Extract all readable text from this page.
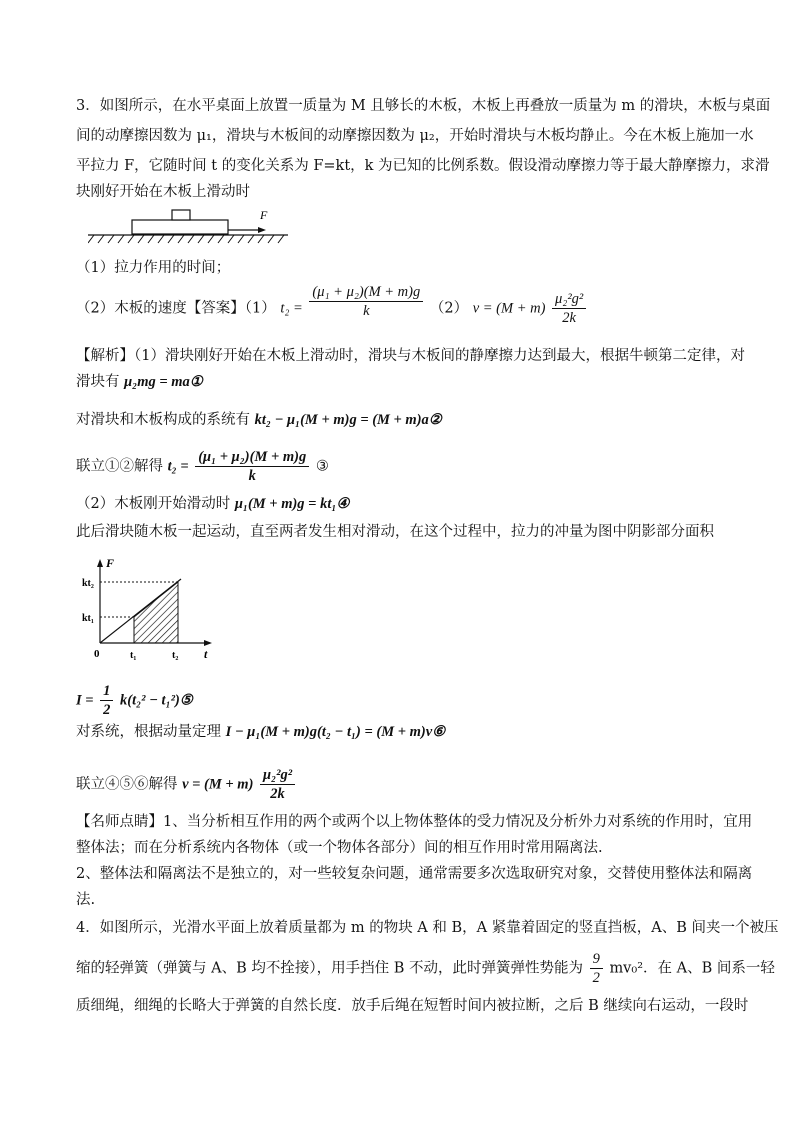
3．如图所示，在水平桌面上放置一质量为 M 且够长的木板，木板上再叠放一质量为 m 的滑块，木板与桌面
间的动摩擦因数为 μ₁，滑块与木板间的动摩擦因数为 μ₂，开始时滑块与木板均静止。今在木板上施加一水
平拉力 F，它随时间 t 的变化关系为 F=kt，k 为已知的比例系数。假设滑动摩擦力等于最大静摩擦力，求滑
块刚好开始在木板上滑动时
F
（1）拉力作用的时间；
（2）木板的速度【答案】（1） $t_2 = \frac{\text{(μ₁ + μ₂)(M + m)g}}{k} (2) v = (M + m) \frac{\text{μ₂²g²}}{2k}$
【解析】（1）滑块刚好开始在木板上滑动时，滑块与木板间的静摩擦力达到最大，根据牛顿第二定律，对
滑块有 μ₂mg = ma①
对滑块和木板构成的系统有 kt₂ − μ₁(M + m)g = (M + m)a②
联立①②解得 $t_2 = \frac{\text{(μ₁ + μ₂)(M + m)g}}{k}$ ③
（2）木板刚开始滑动时 μ₁(M + m)g = kt₁④
此后滑块随木板一起运动，直至两者发生相对滑动，在这个过程中，拉力的冲量为图中阴影部分面积
F
t
0
kt₂
kt₁
t₁	t₂
$I = \frac{1}{2} k(t_2^2$ − t₁²)⑤
对系统，根据动量定理 I − μ₁(M + m)g(t₂ − t₁) = (M + m)v⑥
联立④⑤⑥解得 $v = (M + m) \frac{\text{μ₂²g²}}{2k}$
【名师点睛】1、当分析相互作用的两个或两个以上物体整体的受力情况及分析外力对系统的作用时，宜用
整体法；而在分析系统内各物体（或一个物体各部分）间的相互作用时常用隔离法.
2、整体法和隔离法不是独立的，对一些较复杂问题，通常需要多次选取研究对象，交替使用整体法和隔离
法.
4．如图所示，光滑水平面上放着质量都为 m 的物块 A 和 B，A 紧靠着固定的竖直挡板，A、B 间夹一个被压
缩的轻弹簧（弹簧与 A、B 均不拴接），用手挡住 B 不动，此时弹簧弹性势能为 $\frac{9}{2} mv_0^2$．在 A、B 间系一轻
质细绳，细绳的长略大于弹簧的自然长度．放手后绳在短暂时间内被拉断，之后 B 继续向右运动，一段时
